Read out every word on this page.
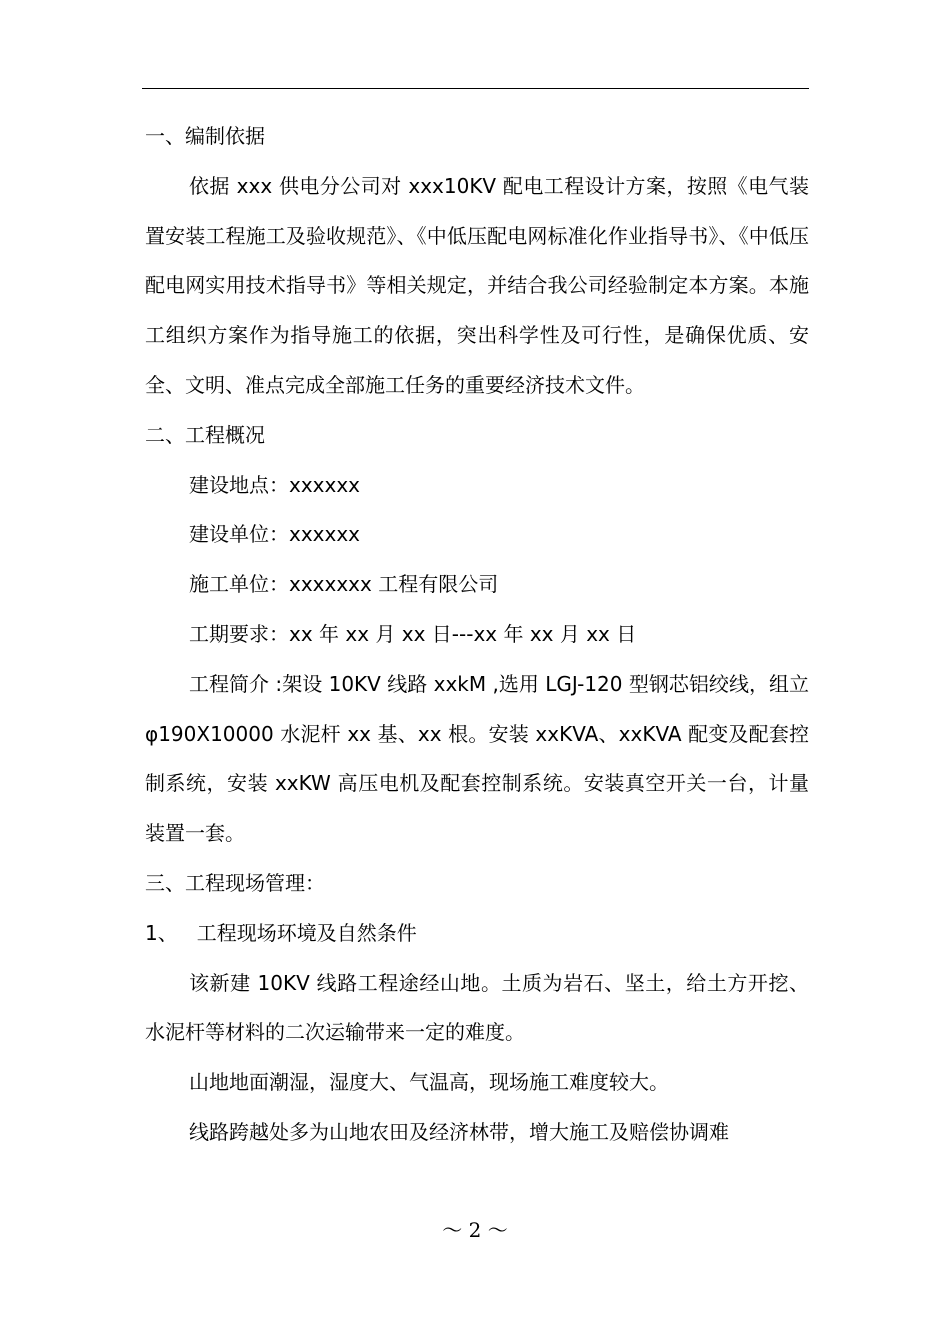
一、编制依据

依据 xxx 供电分公司对 xxx10KV 配电工程设计方案，按照《电气装置安装工程施工及验收规范》、《中低压配电网标准化作业指导书》、《中低压配电网实用技术指导书》等相关规定，并结合我公司经验制定本方案。本施工组织方案作为指导施工的依据，突出科学性及可行性，是确保优质、安全、文明、准点完成全部施工任务的重要经济技术文件。

二、工程概况

建设地点：xxxxxx

建设单位：xxxxxx

施工单位：xxxxxxx 工程有限公司

工期要求：xx 年 xx 月 xx 日---xx 年 xx 月 xx 日

工程简介 :架设 10KV 线路 xxkM ,选用 LGJ-120 型钢芯铝绞线，组立φ190X10000 水泥杆 xx 基、xx 根。安装 xxKVA、xxKVA 配变及配套控制系统，安装 xxKW 高压电机及配套控制系统。安装真空开关一台，计量装置一套。

三、工程现场管理：

1、   工程现场环境及自然条件

该新建 10KV 线路工程途经山地。土质为岩石、坚土，给土方开挖、水泥杆等材料的二次运输带来一定的难度。

山地地面潮湿，湿度大、气温高，现场施工难度较大。

线路跨越处多为山地农田及经济林带，增大施工及赔偿协调难

～ 2 ～
